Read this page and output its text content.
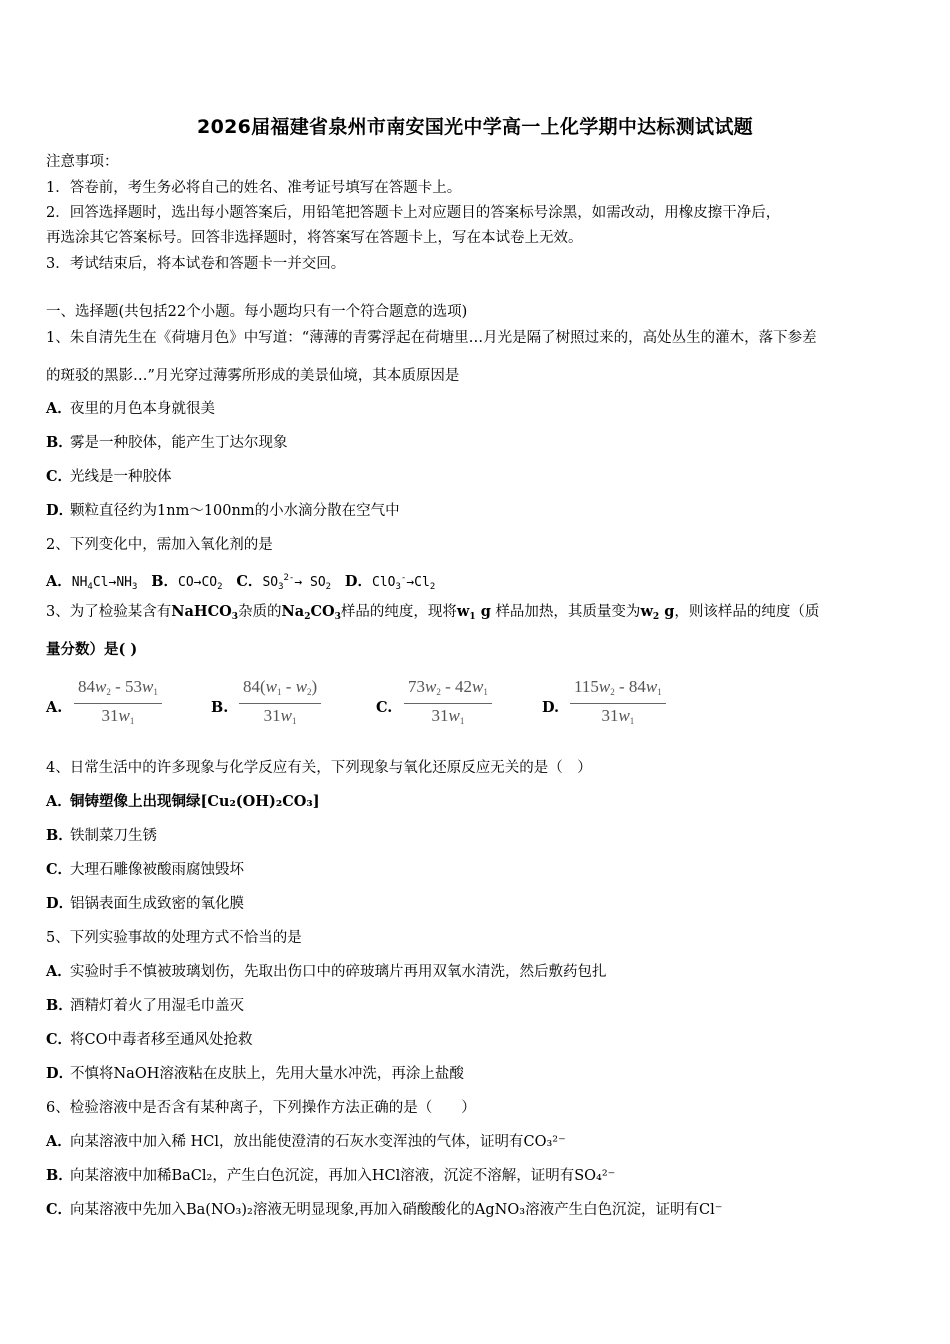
2026届福建省泉州市南安国光中学高一上化学期中达标测试试题
注意事项：
1．答卷前，考生务必将自己的姓名、准考证号填写在答题卡上。
2．回答选择题时，选出每小题答案后，用铅笔把答题卡上对应题目的答案标号涂黑，如需改动，用橡皮擦干净后，
再选涂其它答案标号。回答非选择题时，将答案写在答题卡上，写在本试卷上无效。
3．考试结束后，将本试卷和答题卡一并交回。
一、选择题(共包括22个小题。每小题均只有一个符合题意的选项)
1、朱自清先生在《荷塘月色》中写道：“薄薄的青雾浮起在荷塘里…月光是隔了树照过来的，高处丛生的灌木，落下参差
的斑驳的黑影…”月光穿过薄雾所形成的美景仙境，其本质原因是
A．夜里的月色本身就很美
B．雾是一种胶体，能产生丁达尔现象
C．光线是一种胶体
D．颗粒直径约为1nm～100nm的小水滴分散在空气中
2、下列变化中，需加入氧化剂的是
A．$NH_4Cl\to NH_3$ B．$CO\to CO_2$ C．$SO_3^{2-}\to SO_2$ D．$ClO_3^-\to Cl_2$
3、为了检验某含有NaHCO$_3$杂质的$Na_2CO_3$样品的纯度，现将$w_1$ g 样品加热，其质量变为$w_2$ g，则该样品的纯度（质
量分数）是( )
A. $\frac{84w_2 - 53w_1}{31w_1}$	B. $\frac{84(w_1 - w_2)}{31w_1}$	C. $\frac{73w_2 - 42w_1}{31w_1}$	D. $\frac{115w_2 - 84w_1}{31w_1}$
4、日常生活中的许多现象与化学反应有关，下列现象与氧化还原反应无关的是（　）
A．铜铸塑像上出现铜绿[Cu₂(OH)₂CO₃]
B．铁制菜刀生锈
C．大理石雕像被酸雨腐蚀毁坏
D．铝锅表面生成致密的氧化膜
5、下列实验事故的处理方式不恰当的是
A．实验时手不慎被玻璃划伤，先取出伤口中的碎玻璃片再用双氧水清洗，然后敷药包扎
B．酒精灯着火了用湿毛巾盖灭
C．将CO中毒者移至通风处抢救
D．不慎将NaOH溶液粘在皮肤上，先用大量水冲洗，再涂上盐酸
6、检验溶液中是否含有某种离子，下列操作方法正确的是（　　）
A．向某溶液中加入稀 HCl，放出能使澄清的石灰水变浑浊的气体，证明有CO₃²⁻
B．向某溶液中加稀BaCl₂，产生白色沉淀，再加入HCl溶液，沉淀不溶解，证明有SO₄²⁻
C．向某溶液中先加入Ba(NO₃)₂溶液无明显现象,再加入硝酸酸化的AgNO₃溶液产生白色沉淀，证明有Cl⁻
